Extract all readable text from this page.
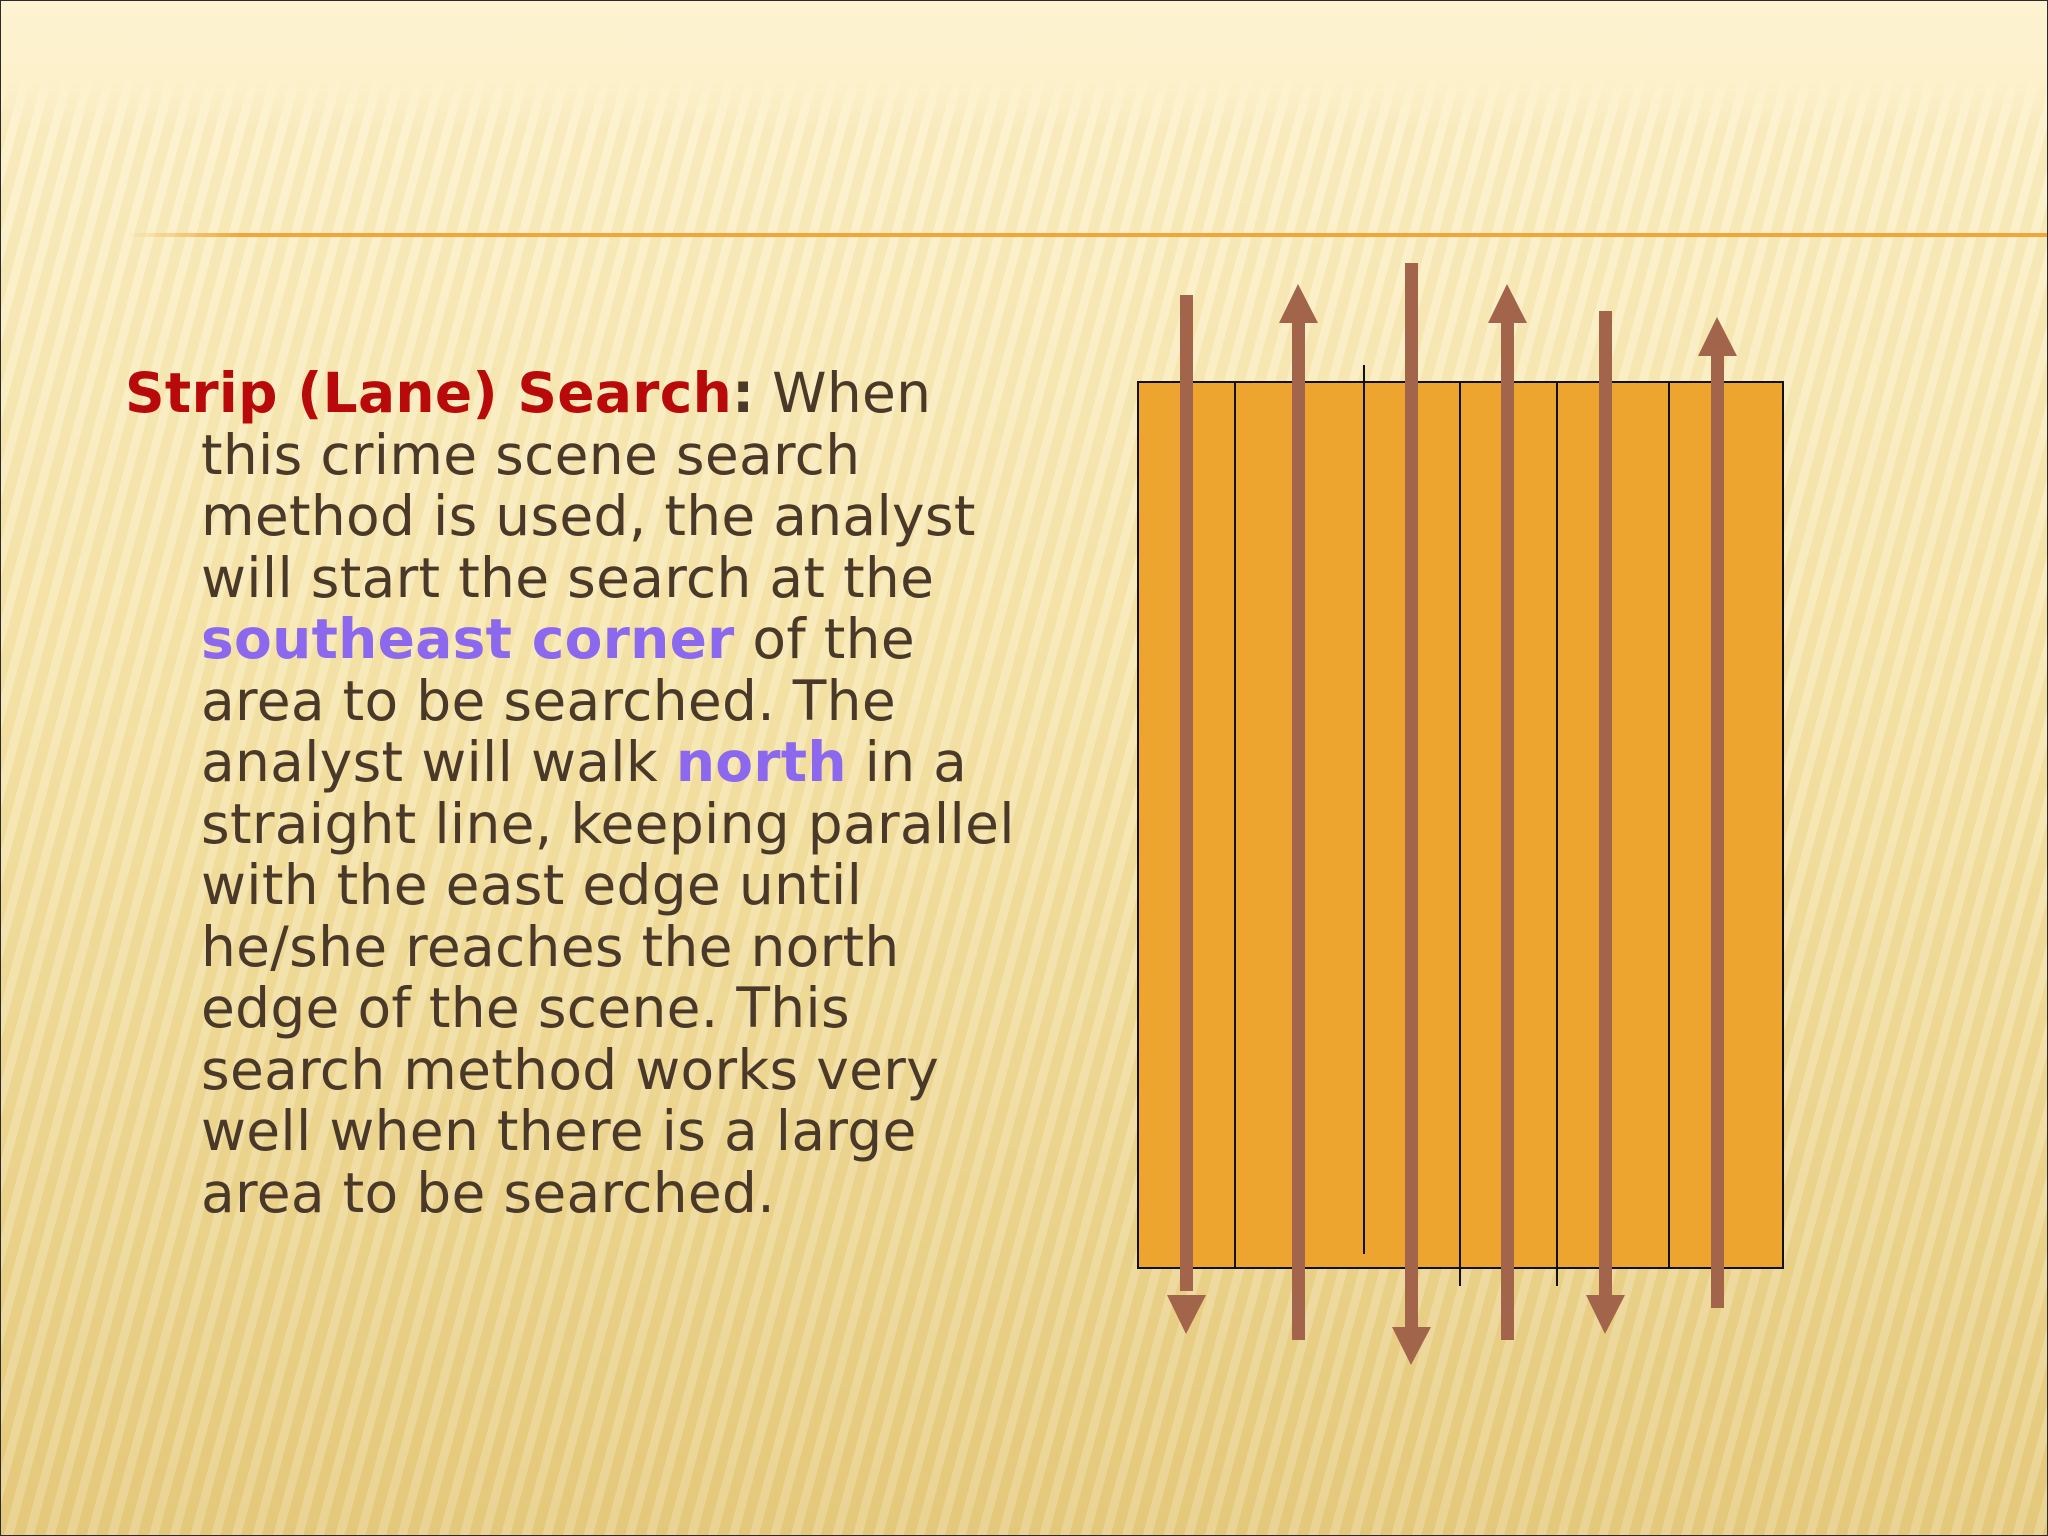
Strip (Lane) Search: When this crime scene search method is used, the analyst will start the search at the southeast corner of the area to be searched. The analyst will walk north in a straight line, keeping parallel with the east edge until he/she reaches the north edge of the scene. This search method works very well when there is a large area to be searched.
